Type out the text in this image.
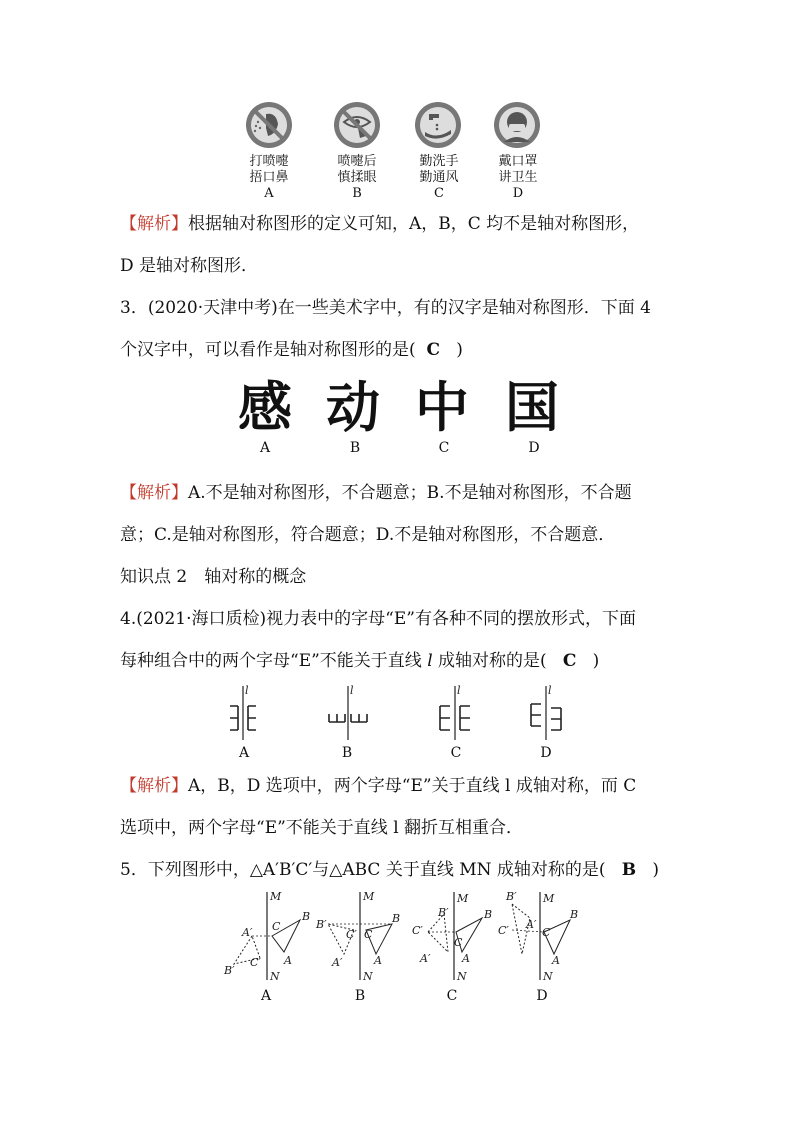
打喷嚏
捂口鼻
A
喷嚏后
慎揉眼
B
勤洗手
勤通风
C
戴口罩
讲卫生
D
【解析】根据轴对称图形的定义可知，A，B，C 均不是轴对称图形，
D 是轴对称图形．
3．(2020·天津中考)在一些美术字中，有的汉字是轴对称图形．下面 4
个汉字中，可以看作是轴对称图形的是( C )
感 动 中 国
A	B	C	D
【解析】A.不是轴对称图形，不合题意；B.不是轴对称图形，不合题
意；C.是轴对称图形，符合题意；D.不是轴对称图形，不合题意．
知识点 2　轴对称的概念
4.(2021·海口质检)视力表中的字母“E”有各种不同的摆放形式，下面
每种组合中的两个字母“E”不能关于直线 l 成轴对称的是( C )
l	l	l	l
A	B	C	D
【解析】A，B，D 选项中，两个字母“E”关于直线 l 成轴对称，而 C
选项中，两个字母“E”不能关于直线 l 翻折互相重合．
5．下列图形中，△A′B′C′与△ABC 关于直线 MN 成轴对称的是( B )
M
N
B
C
A
A′
B′
C′
M
N
B
C
A
B′
C′
A′
M
N
B
C
A
C′
B′
A′
M
N
B
C
A
B′
C′ A′
A	B	C	D
